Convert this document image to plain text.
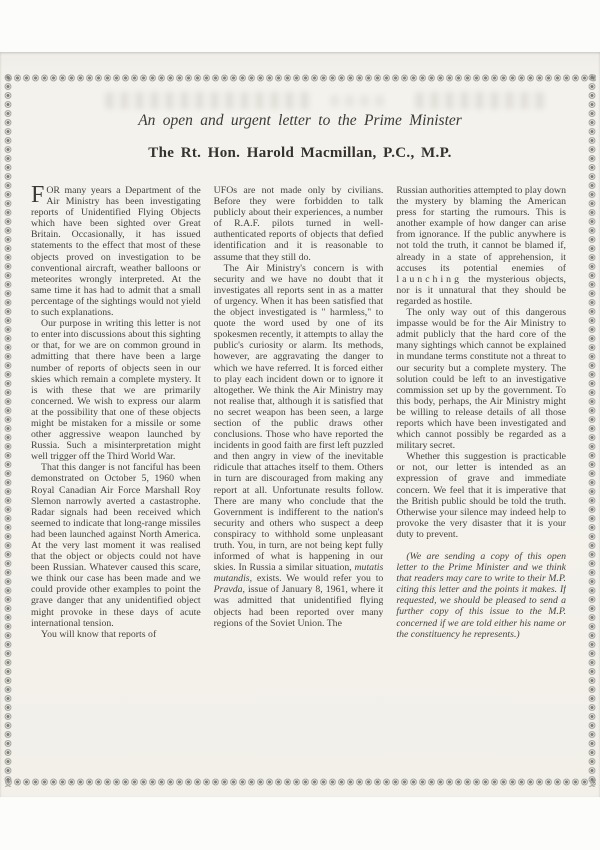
An open and urgent letter to the Prime Minister
The Rt. Hon. Harold Macmillan, P.C., M.P.

FOR many years a Department of the Air Ministry has been investigating reports of Unidentified Flying Objects which have been sighted over Great Britain. Occasionally, it has issued statements to the effect that most of these objects proved on investigation to be conventional aircraft, weather balloons or meteorites wrongly interpreted. At the same time it has had to admit that a small percentage of the sightings would not yield to such explanations.

Our purpose in writing this letter is not to enter into discussions about this sighting or that, for we are on common ground in admitting that there have been a large number of reports of objects seen in our skies which remain a complete mystery. It is with these that we are primarily concerned. We wish to express our alarm at the possibility that one of these objects might be mistaken for a missile or some other aggressive weapon launched by Russia. Such a misinterpretation might well trigger off the Third World War.

That this danger is not fanciful has been demonstrated on October 5, 1960 when Royal Canadian Air Force Marshall Roy Slemon narrowly averted a castastrophe. Radar signals had been received which seemed to indicate that long-range missiles had been launched against North America. At the very last moment it was realised that the object or objects could not have been Russian. Whatever caused this scare, we think our case has been made and we could provide other examples to point the grave danger that any unidentified object might provoke in these days of acute international tension.

You will know that reports of

UFOs are not made only by civilians. Before they were forbidden to talk publicly about their experiences, a number of R.A.F. pilots turned in well-authenticated reports of objects that defied identification and it is reasonable to assume that they still do.

The Air Ministry's concern is with security and we have no doubt that it investigates all reports sent in as a matter of urgency. When it has been satisfied that the object investigated is " harmless," to quote the word used by one of its spokesmen recently, it attempts to allay the public's curiosity or alarm. Its methods, however, are aggravating the danger to which we have referred. It is forced either to play each incident down or to ignore it altogether. We think the Air Ministry may not realise that, although it is satisfied that no secret weapon has been seen, a large section of the public draws other conclusions. Those who have reported the incidents in good faith are first left puzzled and then angry in view of the inevitable ridicule that attaches itself to them. Others in turn are discouraged from making any report at all. Unfortunate results follow. There are many who conclude that the Government is indifferent to the nation's security and others who suspect a deep conspiracy to withhold some unpleasant truth. You, in turn, are not being kept fully informed of what is happening in our skies. In Russia a similar situation, mutatis mutandis, exists. We would refer you to Pravda, issue of January 8, 1961, where it was admitted that unidentified flying objects had been reported over many regions of the Soviet Union. The

Russian authorities attempted to play down the mystery by blaming the American press for starting the rumours. This is another example of how danger can arise from ignorance. If the public anywhere is not told the truth, it cannot be blamed if, already in a state of apprehension, it accuses its potential enemies of launching the mysterious objects, nor is it unnatural that they should be regarded as hostile.

The only way out of this dangerous impasse would be for the Air Ministry to admit publicly that the hard core of the many sightings which cannot be explained in mundane terms constitute not a threat to our security but a complete mystery. The solution could be left to an investigative commission set up by the government. To this body, perhaps, the Air Ministry might be willing to release details of all those reports which have been investigated and which cannot possibly be regarded as a military secret.

Whether this suggestion is practicable or not, our letter is intended as an expression of grave and immediate concern. We feel that it is imperative that the British public should be told the truth. Otherwise your silence may indeed help to provoke the very disaster that it is your duty to prevent.

(We are sending a copy of this open letter to the Prime Minister and we think that readers may care to write to their M.P. citing this letter and the points it makes. If requested, we should be pleased to send a further copy of this issue to the M.P. concerned if we are told either his name or the constituency he represents.)
